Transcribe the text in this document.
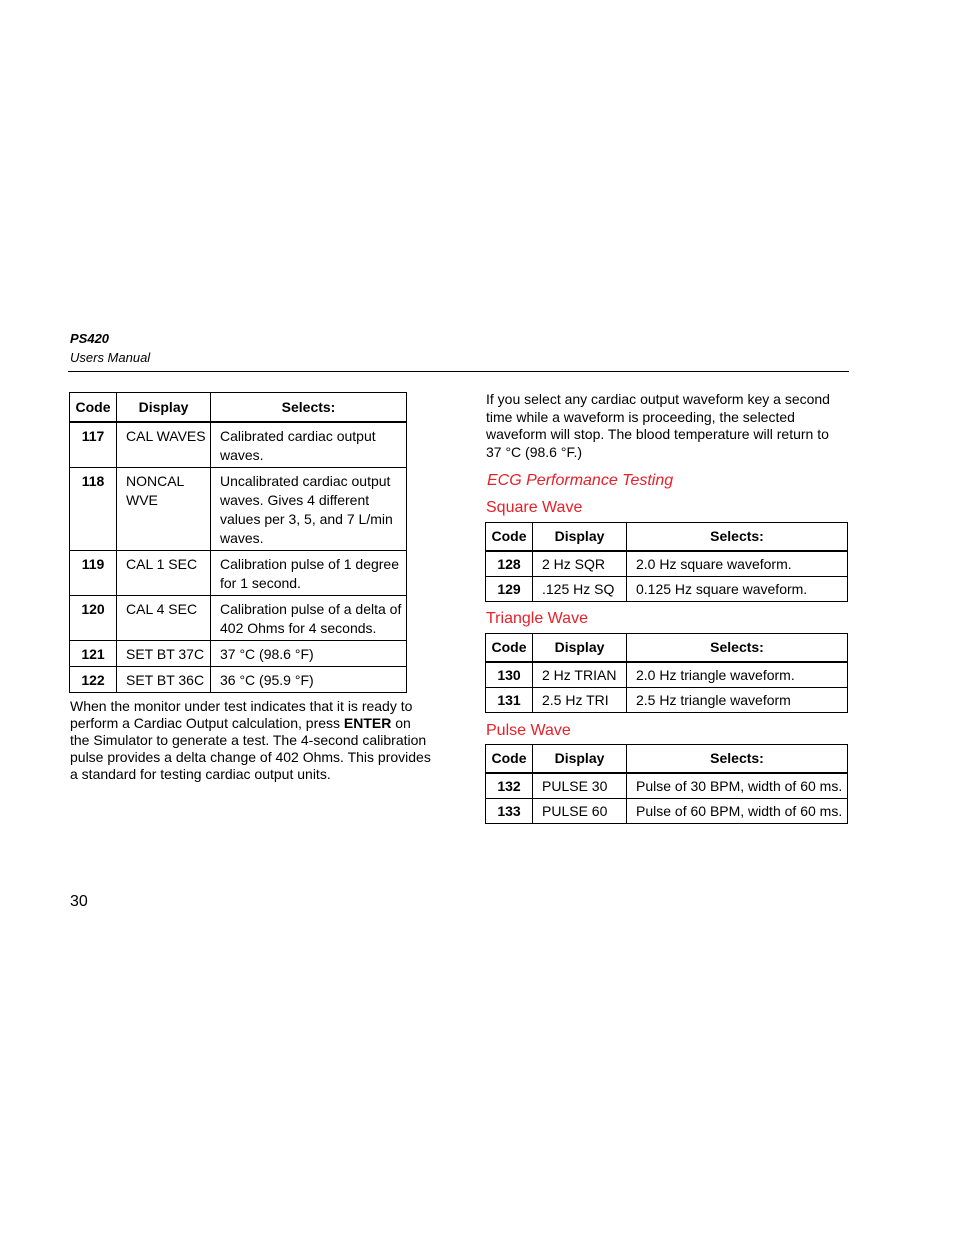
PS420
Users Manual
Code	Display	Selects:
117	CAL WAVES	Calibrated cardiac output waves.
118	NONCAL WVE	Uncalibrated cardiac output waves. Gives 4 different values per 3, 5, and 7 L/min waves.
119	CAL 1 SEC	Calibration pulse of 1 degree for 1 second.
120	CAL 4 SEC	Calibration pulse of a delta of 402 Ohms for 4 seconds.
121	SET BT 37C	37 °C (98.6 °F)
122	SET BT 36C	36 °C (95.9 °F)
When the monitor under test indicates that it is ready to perform a Cardiac Output calculation, press ENTER on the Simulator to generate a test. The 4-second calibration pulse provides a delta change of 402 Ohms. This provides a standard for testing cardiac output units.
If you select any cardiac output waveform key a second time while a waveform is proceeding, the selected waveform will stop. The blood temperature will return to 37 °C (98.6 °F.)
ECG Performance Testing
Square Wave
Code	Display	Selects:
128	2 Hz SQR	2.0 Hz square waveform.
129	.125 Hz SQ	0.125 Hz square waveform.
Triangle Wave
Code	Display	Selects:
130	2 Hz TRIAN	2.0 Hz triangle waveform.
131	2.5 Hz TRI	2.5 Hz triangle waveform
Pulse Wave
Code	Display	Selects:
132	PULSE 30	Pulse of 30 BPM, width of 60 ms.
133	PULSE 60	Pulse of 60 BPM, width of 60 ms.
30
